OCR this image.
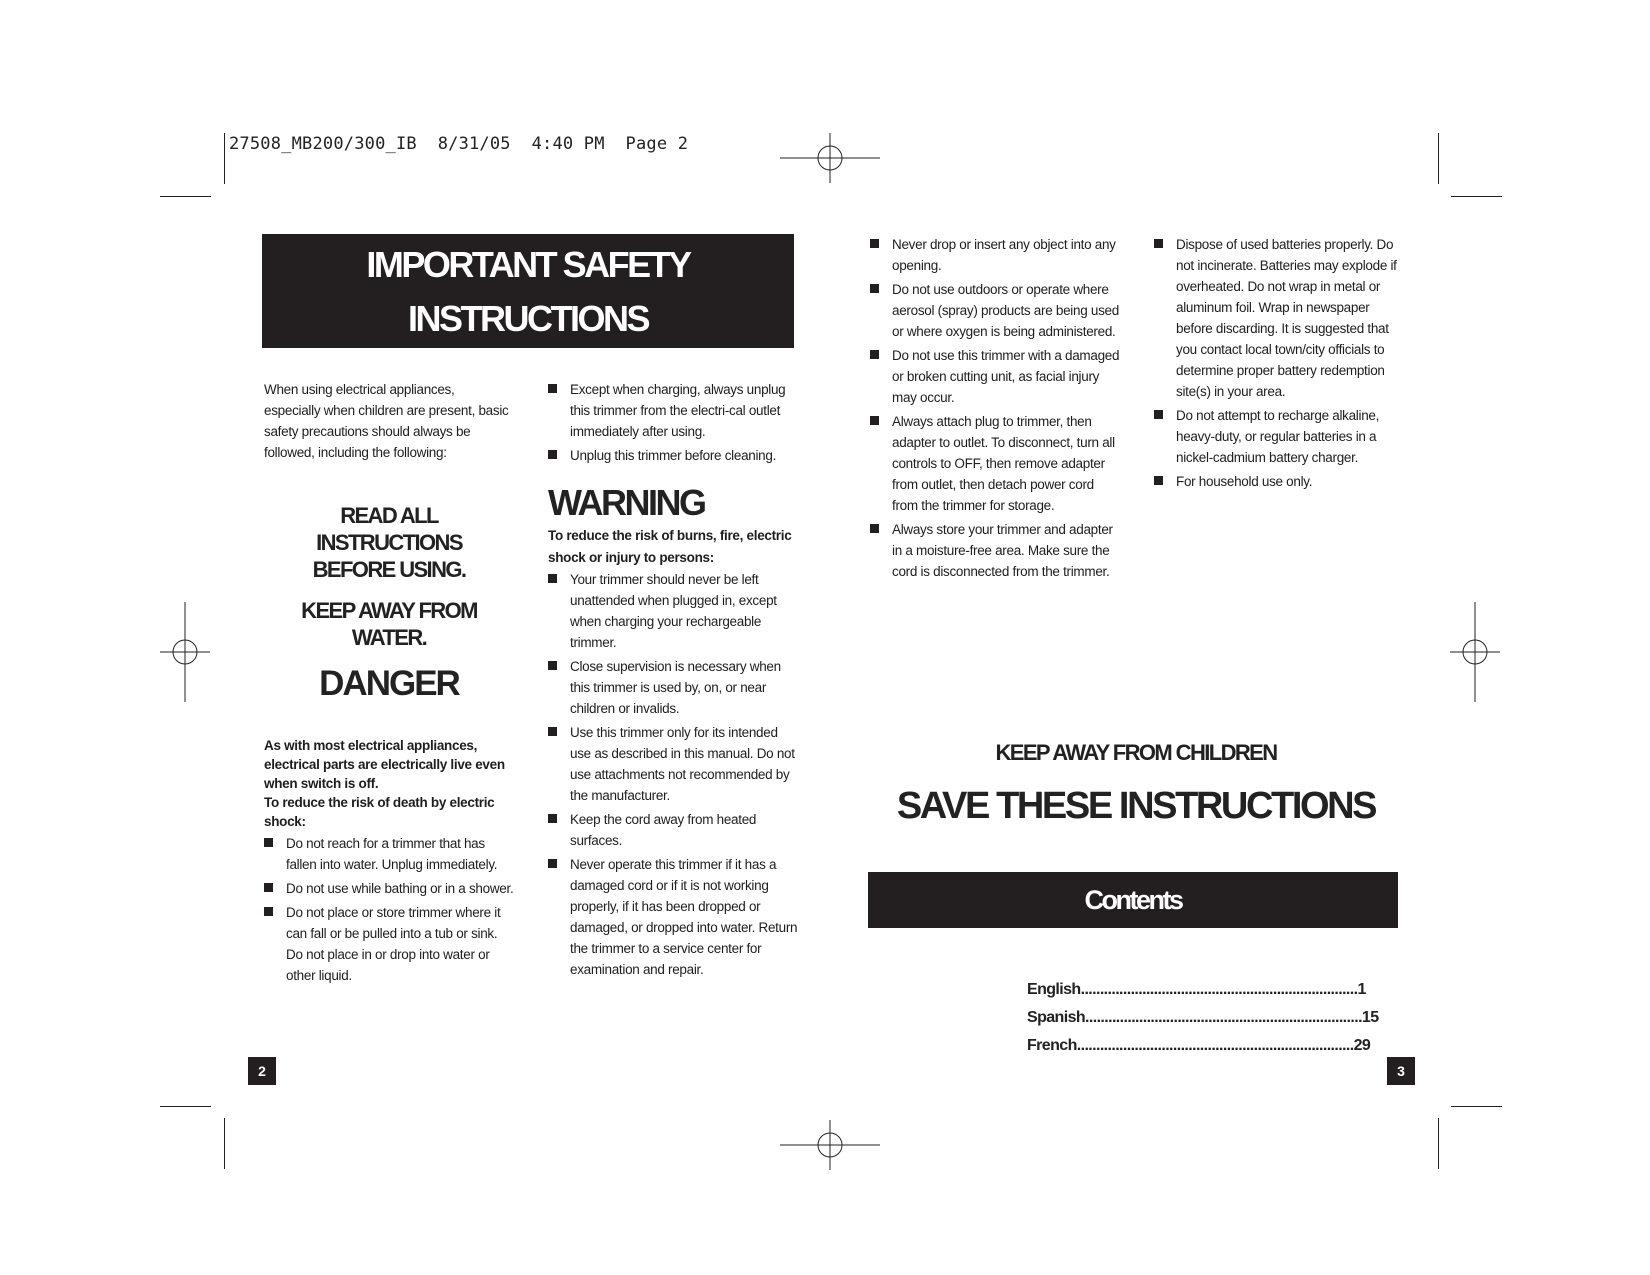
27508_MB200/300_IB  8/31/05  4:40 PM  Page 2
IMPORTANT SAFETY
INSTRUCTIONS
When using electrical appliances, especially when children are present, basic safety precautions should always be followed, including the following:
READ ALL
INSTRUCTIONS
BEFORE USING.
KEEP AWAY FROM
WATER.
DANGER
As with most electrical appliances, electrical parts are electrically live even when switch is off.
To reduce the risk of death by electric shock:
Do not reach for a trimmer that has fallen into water. Unplug immediately.
Do not use while bathing or in a shower.
Do not place or store trimmer where it can fall or be pulled into a tub or sink. Do not place in or drop into water or other liquid.
Except when charging, always unplug this trimmer from the electri-cal outlet immediately after using.
Unplug this trimmer before cleaning.
WARNING
To reduce the risk of burns, fire, electric shock or injury to persons:
Your trimmer should never be left unattended when plugged in, except when charging your rechargeable trimmer.
Close supervision is necessary when this trimmer is used by, on, or near children or invalids.
Use this trimmer only for its intended use as described in this manual. Do not use attachments not recommended by the manufacturer.
Keep the cord away from heated surfaces.
Never operate this trimmer if it has a damaged cord or if it is not working properly, if it has been dropped or damaged, or dropped into water. Return the trimmer to a service center for examination and repair.
2
Never drop or insert any object into any opening.
Do not use outdoors or operate where aerosol (spray) products are being used or where oxygen is being administered.
Do not use this trimmer with a damaged or broken cutting unit, as facial injury may occur.
Always attach plug to trimmer, then adapter to outlet. To disconnect, turn all controls to OFF, then remove adapter from outlet, then detach power cord from the trimmer for storage.
Always store your trimmer and adapter in a moisture-free area. Make sure the cord is disconnected from the trimmer.
Dispose of used batteries properly. Do not incinerate. Batteries may explode if overheated. Do not wrap in metal or aluminum foil. Wrap in newspaper before discarding. It is suggested that you contact local town/city officials to determine proper battery redemption site(s) in your area.
Do not attempt to recharge alkaline, heavy-duty, or regular batteries in a nickel-cadmium battery charger.
For household use only.
KEEP AWAY FROM CHILDREN
SAVE THESE INSTRUCTIONS
Contents
English ........................................................................ 1
Spanish ........................................................................ 15
French ........................................................................ 29
3
